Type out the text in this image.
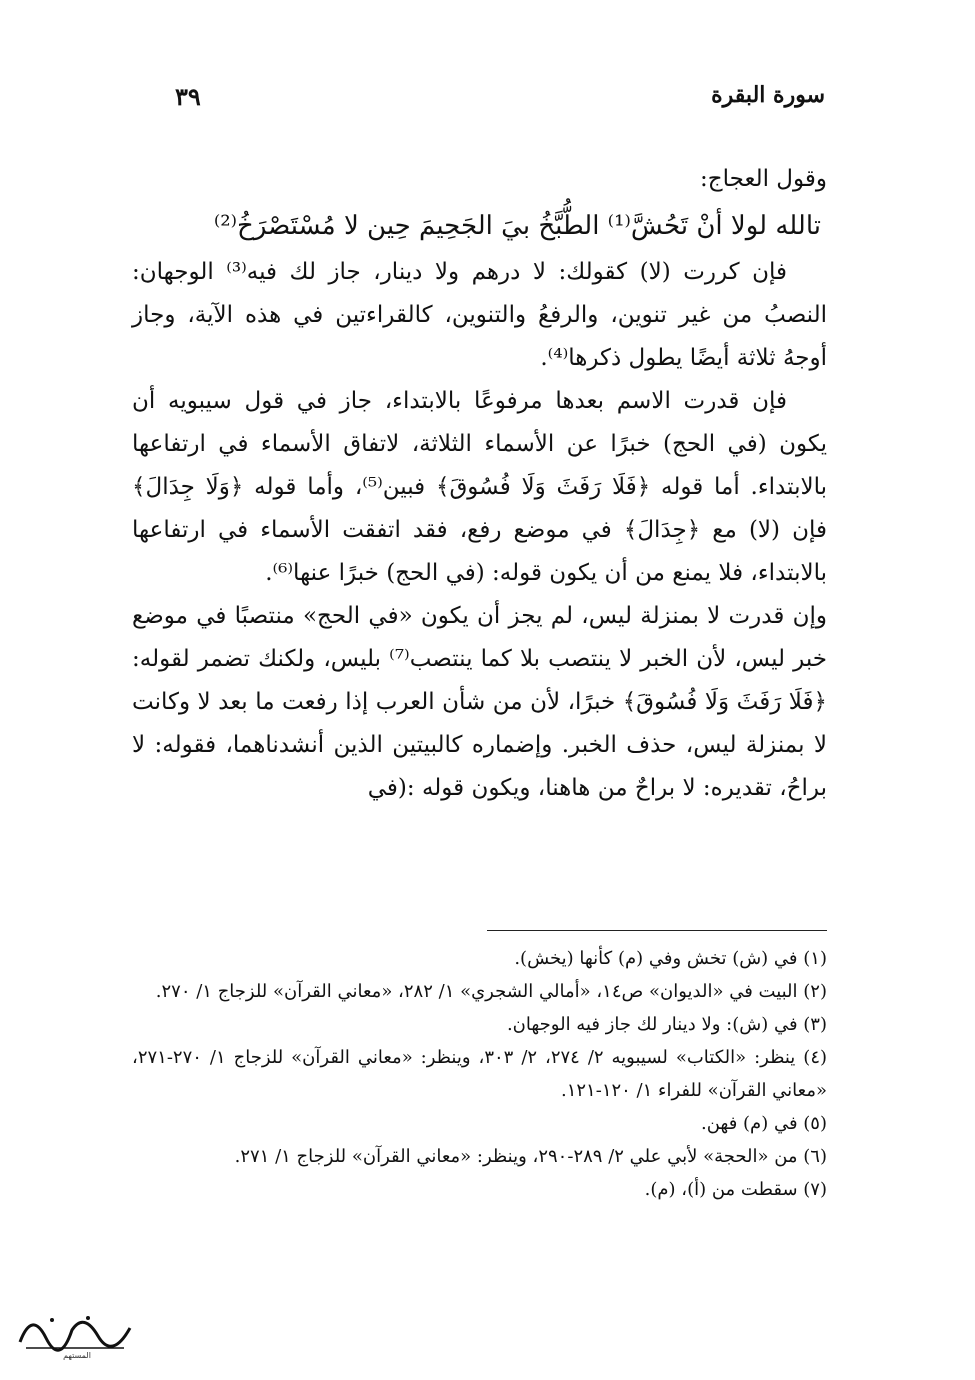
سورة البقرة
٣٩

وقول العجاج:

تالله لولا أنْ تَحُشَّ⁽¹⁾ الطُّبَّخُ بيَ الجَحِيمَ حِين لا مُسْتَصْرَخُ⁽²⁾

فإن كررت (لا) كقولك: لا درهم ولا دينار، جاز لك فيه⁽³⁾ الوجهان: النصبُ من غير تنوين، والرفعُ والتنوين، كالقراءتين في هذه الآية، وجاز أوجهُ ثلاثة أيضًا يطول ذكرها⁽⁴⁾.

فإن قدرت الاسم بعدها مرفوعًا بالابتداء، جاز في قول سيبويه أن يكون (في الحج) خبرًا عن الأسماء الثلاثة، لاتفاق الأسماء في ارتفاعها بالابتداء. أما قوله ﴿فَلَا رَفَثَ وَلَا فُسُوقَ﴾ فبين⁽⁵⁾، وأما قوله ﴿وَلَا جِدَالَ﴾ فإن (لا) مع ﴿جِدَالَ﴾ في موضع رفع، فقد اتفقت الأسماء في ارتفاعها بالابتداء، فلا يمنع من أن يكون قوله: (في الحج) خبرًا عنها⁽⁶⁾.

وإن قدرت لا بمنزلة ليس، لم يجز أن يكون «في الحج» منتصبًا في موضع خبر ليس، لأن الخبر لا ينتصب بلا كما ينتصب⁽⁷⁾ بليس، ولكنك تضمر لقوله: ﴿فَلَا رَفَثَ وَلَا فُسُوقَ﴾ خبرًا، لأن من شأن العرب إذا رفعت ما بعد لا وكانت لا بمنزلة ليس، حذف الخبر. وإضماره كالبيتين الذين أنشدناهما، فقوله: لا براحُ، تقديره: لا براحٌ من هاهنا، ويكون قوله :(في

(١) في (ش) تخش وفي (م) كأنها (يخش).

(٢) البيت في «الديوان» ص١٤، «أمالي الشجري» ١/ ٢٨٢، «معاني القرآن» للزجاج ١/ ٢٧٠.

(٣) في (ش): ولا دينار لك جاز فيه الوجهان.

(٤) ينظر: «الكتاب» لسيبويه ٢/ ٢٧٤، ٢/ ٣٠٣، وينظر: «معاني القرآن» للزجاج ١/ ٢٧٠-٢٧١، «معاني القرآن» للفراء ١/ ١٢٠-١٢١.

(٥) في (م) فهن.

(٦) من «الحجة» لأبي علي ٢/ ٢٨٩-٢٩٠، وينظر: «معاني القرآن» للزجاج ١/ ٢٧١.

(٧) سقطت من (أ)، (م).

المستهم
